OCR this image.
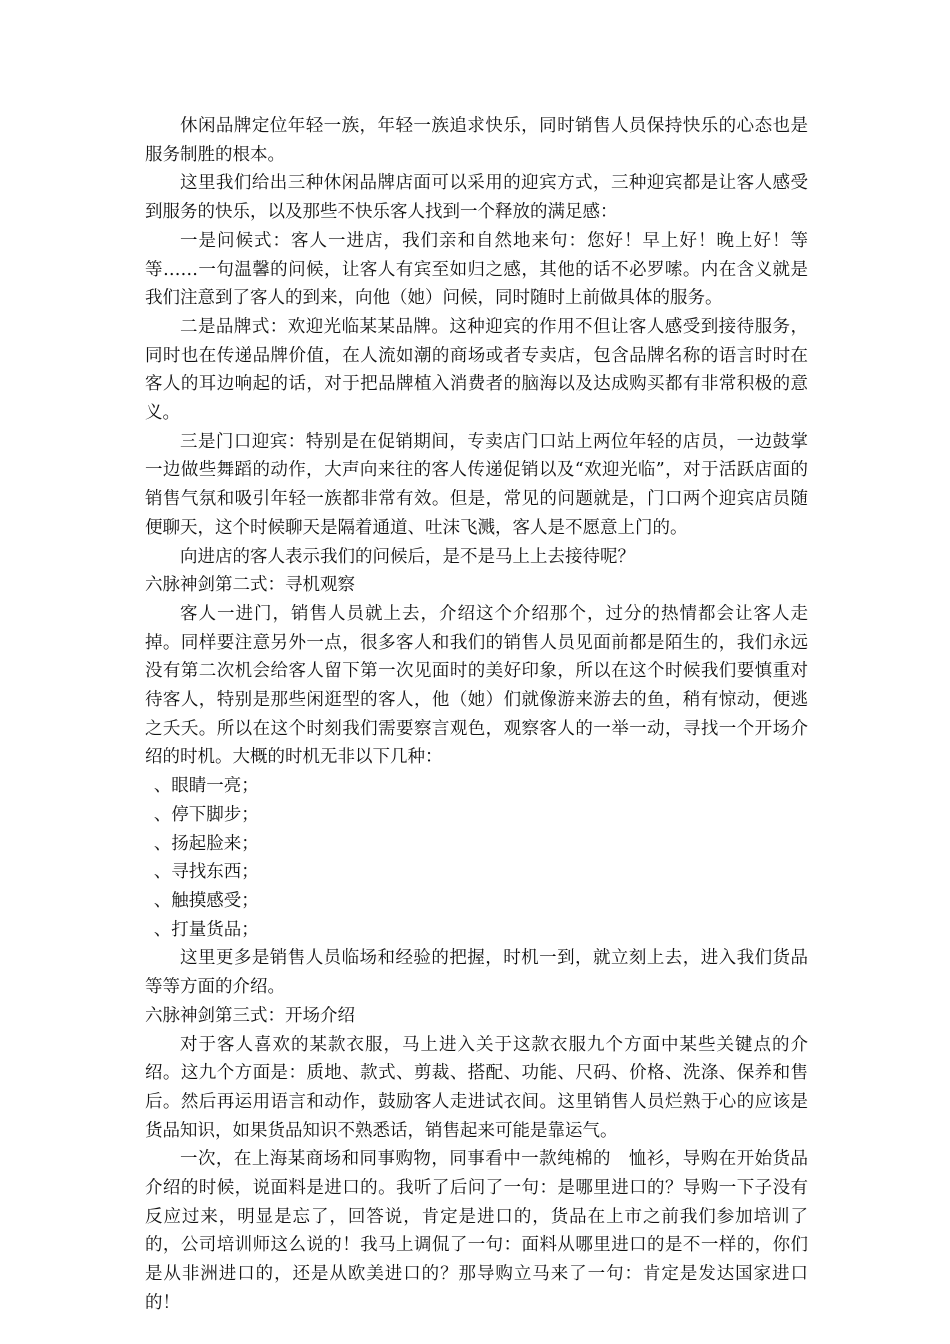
休闲品牌定位年轻一族，年轻一族追求快乐，同时销售人员保持快乐的心态也是服务制胜的根本。

这里我们给出三种休闲品牌店面可以采用的迎宾方式，三种迎宾都是让客人感受到服务的快乐，以及那些不快乐客人找到一个释放的满足感：

一是问候式：客人一进店，我们亲和自然地来句：您好！早上好！晚上好！等等……一句温馨的问候，让客人有宾至如归之感，其他的话不必罗嗦。内在含义就是我们注意到了客人的到来，向他（她）问候，同时随时上前做具体的服务。

二是品牌式：欢迎光临某某品牌。这种迎宾的作用不但让客人感受到接待服务，同时也在传递品牌价值，在人流如潮的商场或者专卖店，包含品牌名称的语言时时在客人的耳边响起的话，对于把品牌植入消费者的脑海以及达成购买都有非常积极的意义。

三是门口迎宾：特别是在促销期间，专卖店门口站上两位年轻的店员，一边鼓掌一边做些舞蹈的动作，大声向来往的客人传递促销以及“欢迎光临”，对于活跃店面的销售气氛和吸引年轻一族都非常有效。但是，常见的问题就是，门口两个迎宾店员随便聊天，这个时候聊天是隔着通道、吐沫飞溅，客人是不愿意上门的。

向进店的客人表示我们的问候后，是不是马上上去接待呢？

六脉神剑第二式：寻机观察

客人一进门，销售人员就上去，介绍这个介绍那个，过分的热情都会让客人走掉。同样要注意另外一点，很多客人和我们的销售人员见面前都是陌生的，我们永远没有第二次机会给客人留下第一次见面时的美好印象，所以在这个时候我们要慎重对待客人，特别是那些闲逛型的客人，他（她）们就像游来游去的鱼，稍有惊动，便逃之夭夭。所以在这个时刻我们需要察言观色，观察客人的一举一动，寻找一个开场介绍的时机。大概的时机无非以下几种：

、眼睛一亮；
、停下脚步；
、扬起脸来；
、寻找东西；
、触摸感受；
、打量货品；

这里更多是销售人员临场和经验的把握，时机一到，就立刻上去，进入我们货品等等方面的介绍。

六脉神剑第三式：开场介绍

对于客人喜欢的某款衣服，马上进入关于这款衣服九个方面中某些关键点的介绍。这九个方面是：质地、款式、剪裁、搭配、功能、尺码、价格、洗涤、保养和售后。然后再运用语言和动作，鼓励客人走进试衣间。这里销售人员烂熟于心的应该是货品知识，如果货品知识不熟悉话，销售起来可能是靠运气。

一次，在上海某商场和同事购物，同事看中一款纯棉的　恤衫，导购在开始货品介绍的时候，说面料是进口的。我听了后问了一句：是哪里进口的？导购一下子没有反应过来，明显是忘了，回答说，肯定是进口的，货品在上市之前我们参加培训了的，公司培训师这么说的！我马上调侃了一句：面料从哪里进口的是不一样的，你们是从非洲进口的，还是从欧美进口的？那导购立马来了一句：肯定是发达国家进口的！
